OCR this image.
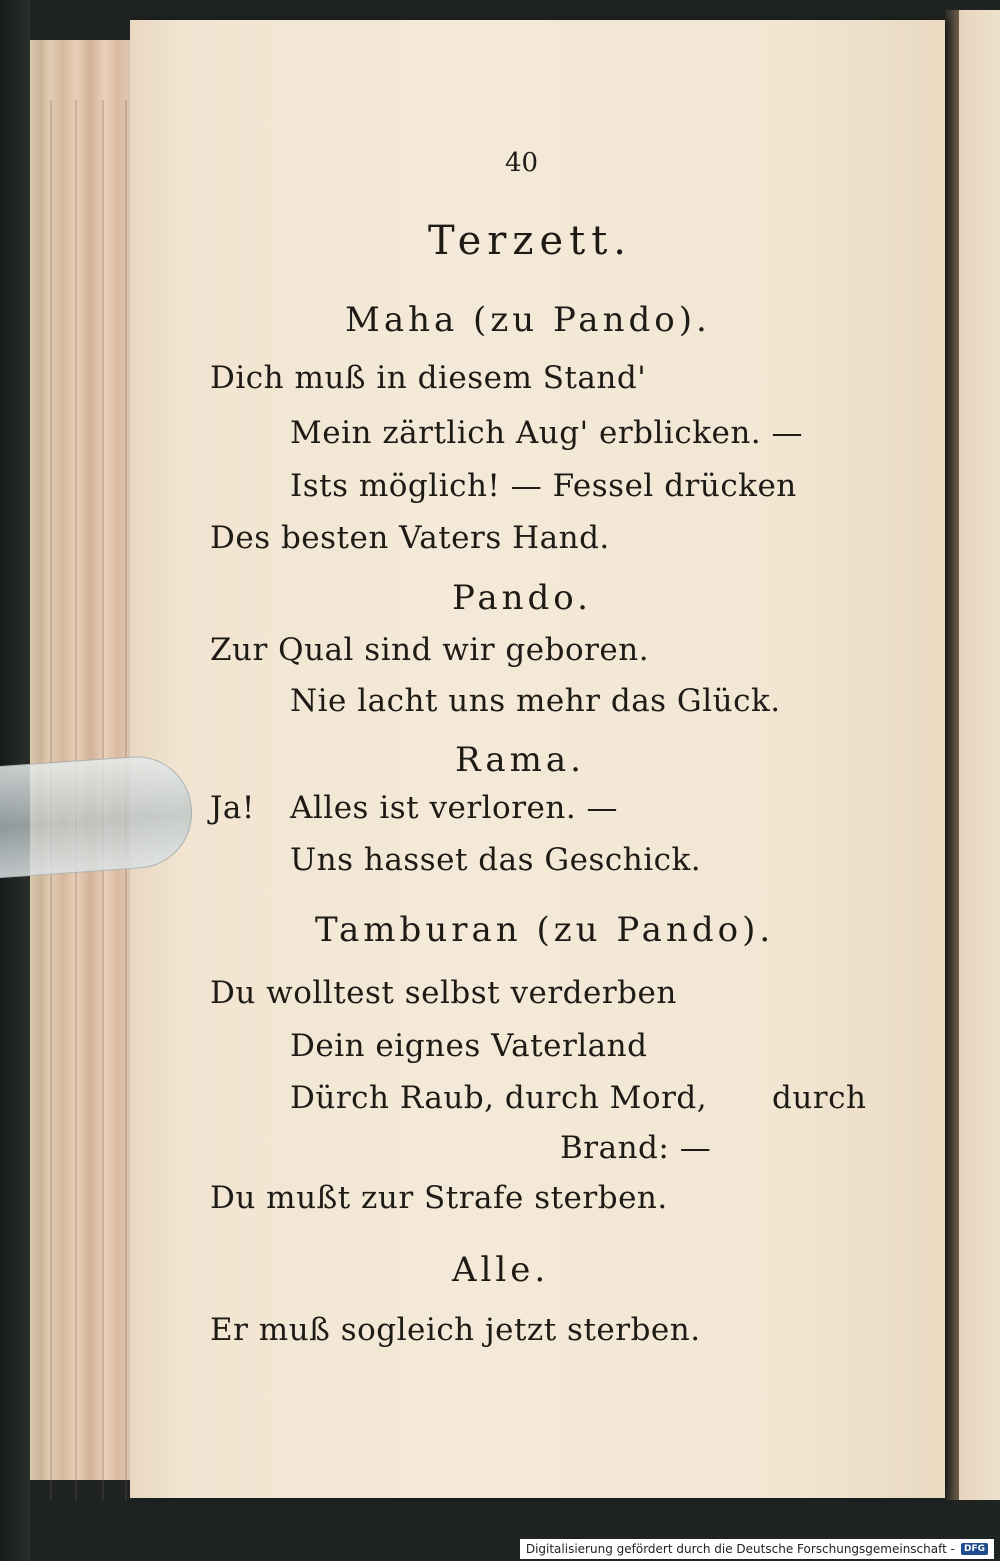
40
Terzett.
Maha (zu Pando).
Dich muß in diesem Stand'
Mein zärtlich Aug' erblicken. —
Ists möglich! — Fessel drücken
Des besten Vaters Hand.
Pando.
Zur Qual sind wir geboren.
Nie lacht uns mehr das Glück.
Rama.
Ja! Alles ist verloren. —
Uns hasset das Geschick.
Tamburan (zu Pando).
Du wolltest selbst verderben
Dein eignes Vaterland
Dürch Raub, durch Mord, durch
Brand: —
Du mußt zur Strafe sterben.
Alle.
Er muß sogleich jetzt sterben.
Digitalisierung gefördert durch die Deutsche Forschungsgemeinschaft -	DFG
